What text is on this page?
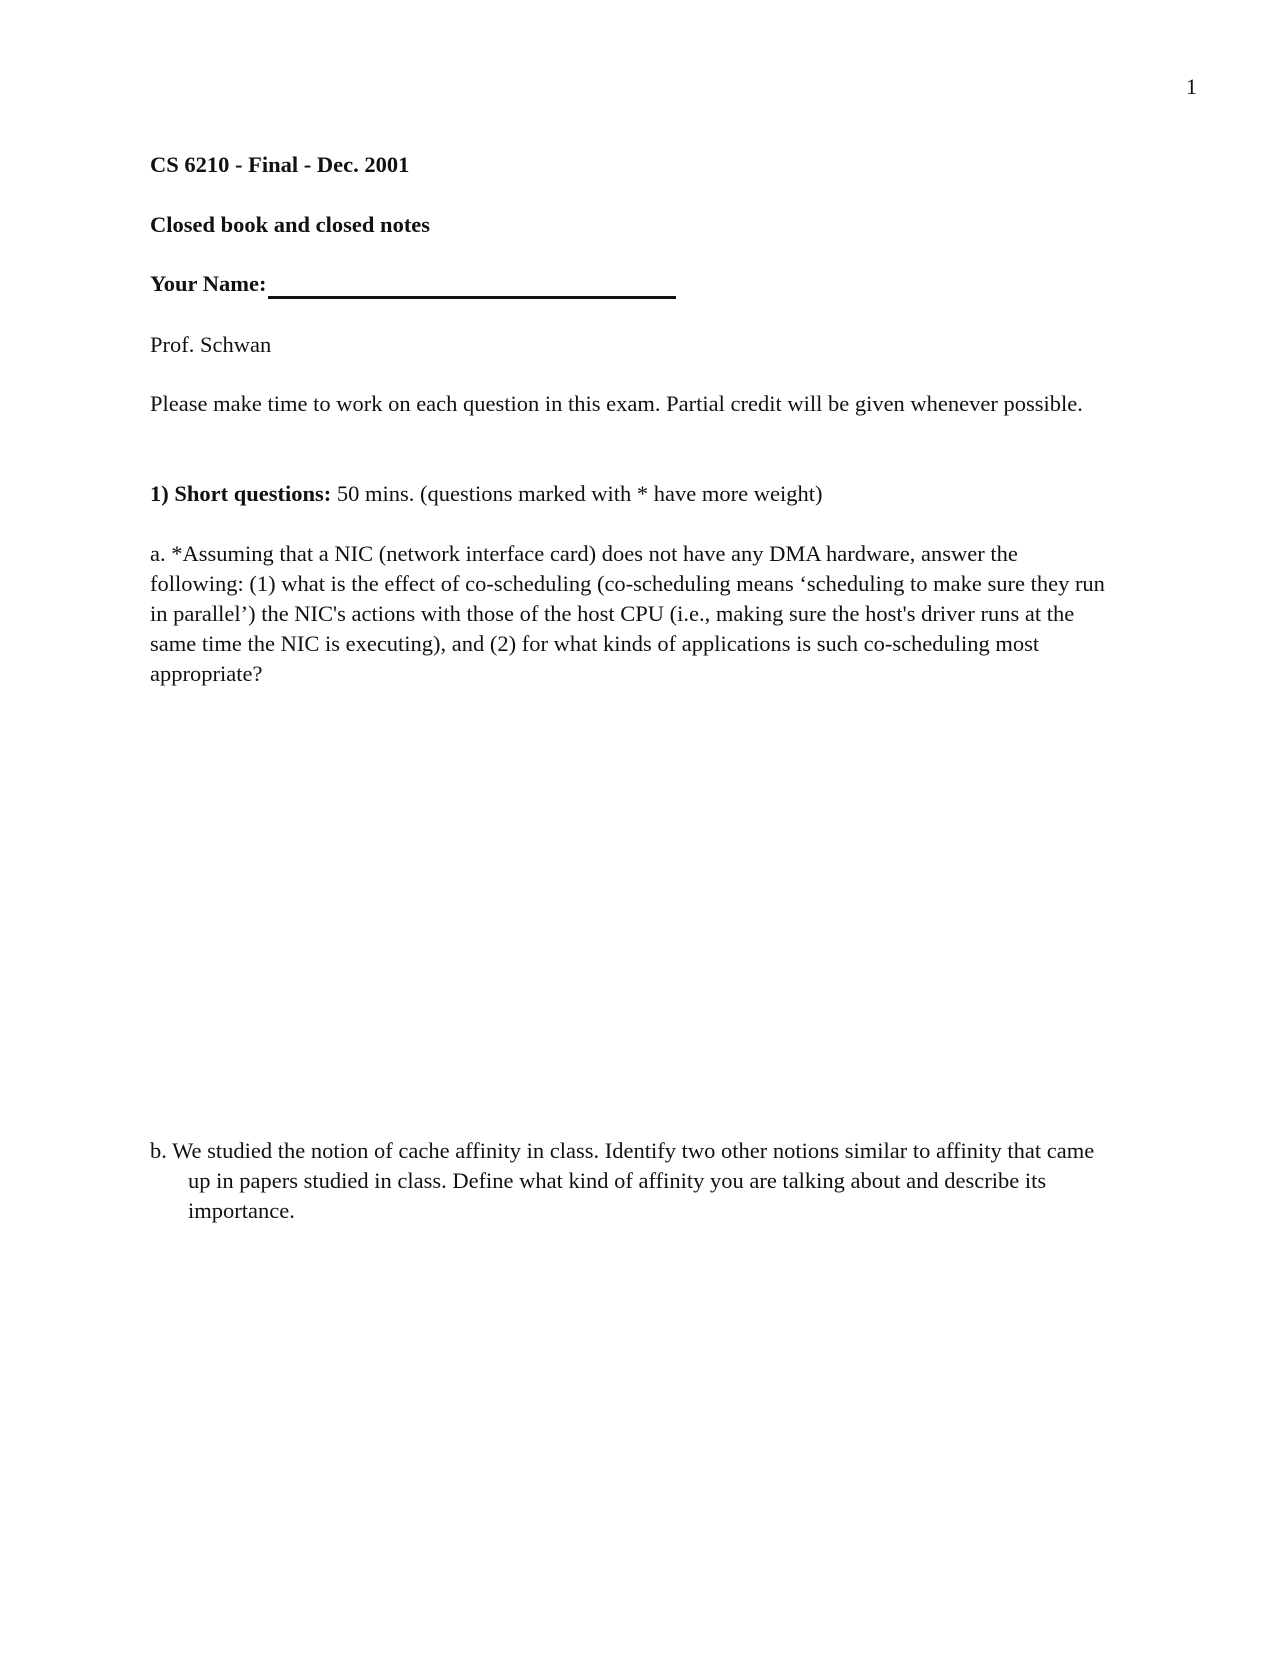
1
CS 6210 - Final - Dec. 2001
Closed book and closed notes
Your Name:
Prof. Schwan
Please make time to work on each question in this exam. Partial credit will be given whenever possible.
1) Short questions: 50 mins. (questions marked with * have more weight)
a. *Assuming that a NIC (network interface card) does not have any DMA hardware, answer the following: (1) what is the effect of co-scheduling (co-scheduling means ‘scheduling to make sure they run in parallel’) the NIC's actions with those of the host CPU (i.e., making sure the host's driver runs at the same time the NIC is executing), and (2) for what kinds of applications is such co-scheduling most appropriate?
b. We studied the notion of cache affinity in class. Identify two other notions similar to affinity that came up in papers studied in class. Define what kind of affinity you are talking about and describe its importance.
